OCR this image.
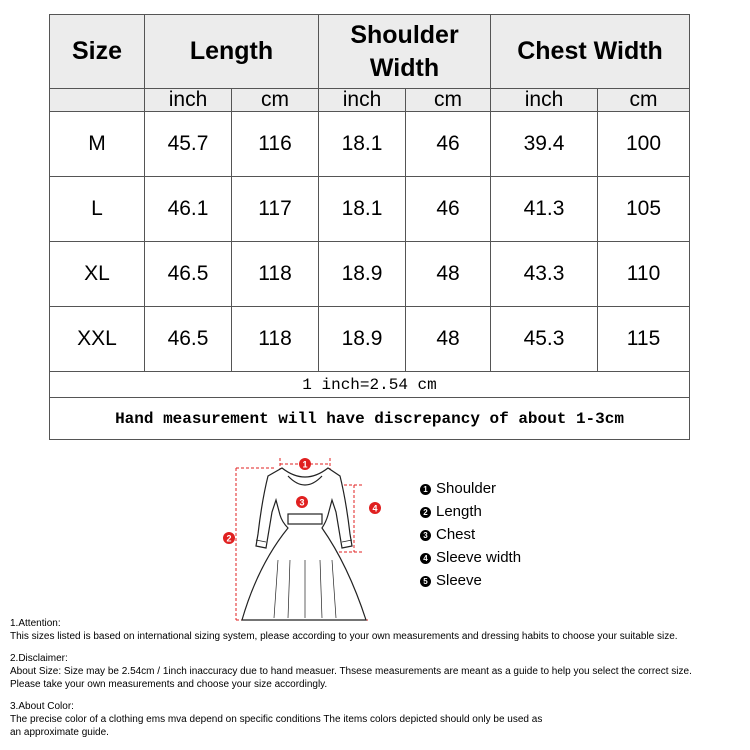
Size	Length		Shoulder
Width		Chest Width	
	inch	cm	inch	cm	inch	cm
M	45.7	116	18.1	46	39.4	100
L	46.1	117	18.1	46	41.3	105
XL	46.5	118	18.9	48	43.3	110
XXL	46.5	118	18.9	48	45.3	115
1 inch=2.54 cm						
Hand measurement will have discrepancy of about 1-3cm						
1
2
3
4
1 Shoulder
2 Length
3 Chest
4 Sleeve width
5 Sleeve

1.Attention:

This sizes listed is based on international sizing system, please according to your own measurements and dressing habits to choose your suitable size.

2.Disclaimer:

About Size: Size may be 2.54cm / 1inch inaccuracy due to hand measuer. Thsese measurements are meant as a guide to help you select the correct size.

Please take your own measurements and choose your size accordingly.

3.About Color:

The precise color of a clothing ems mva depend on specific conditions The items colors depicted should only be used as

an approximate guide.
